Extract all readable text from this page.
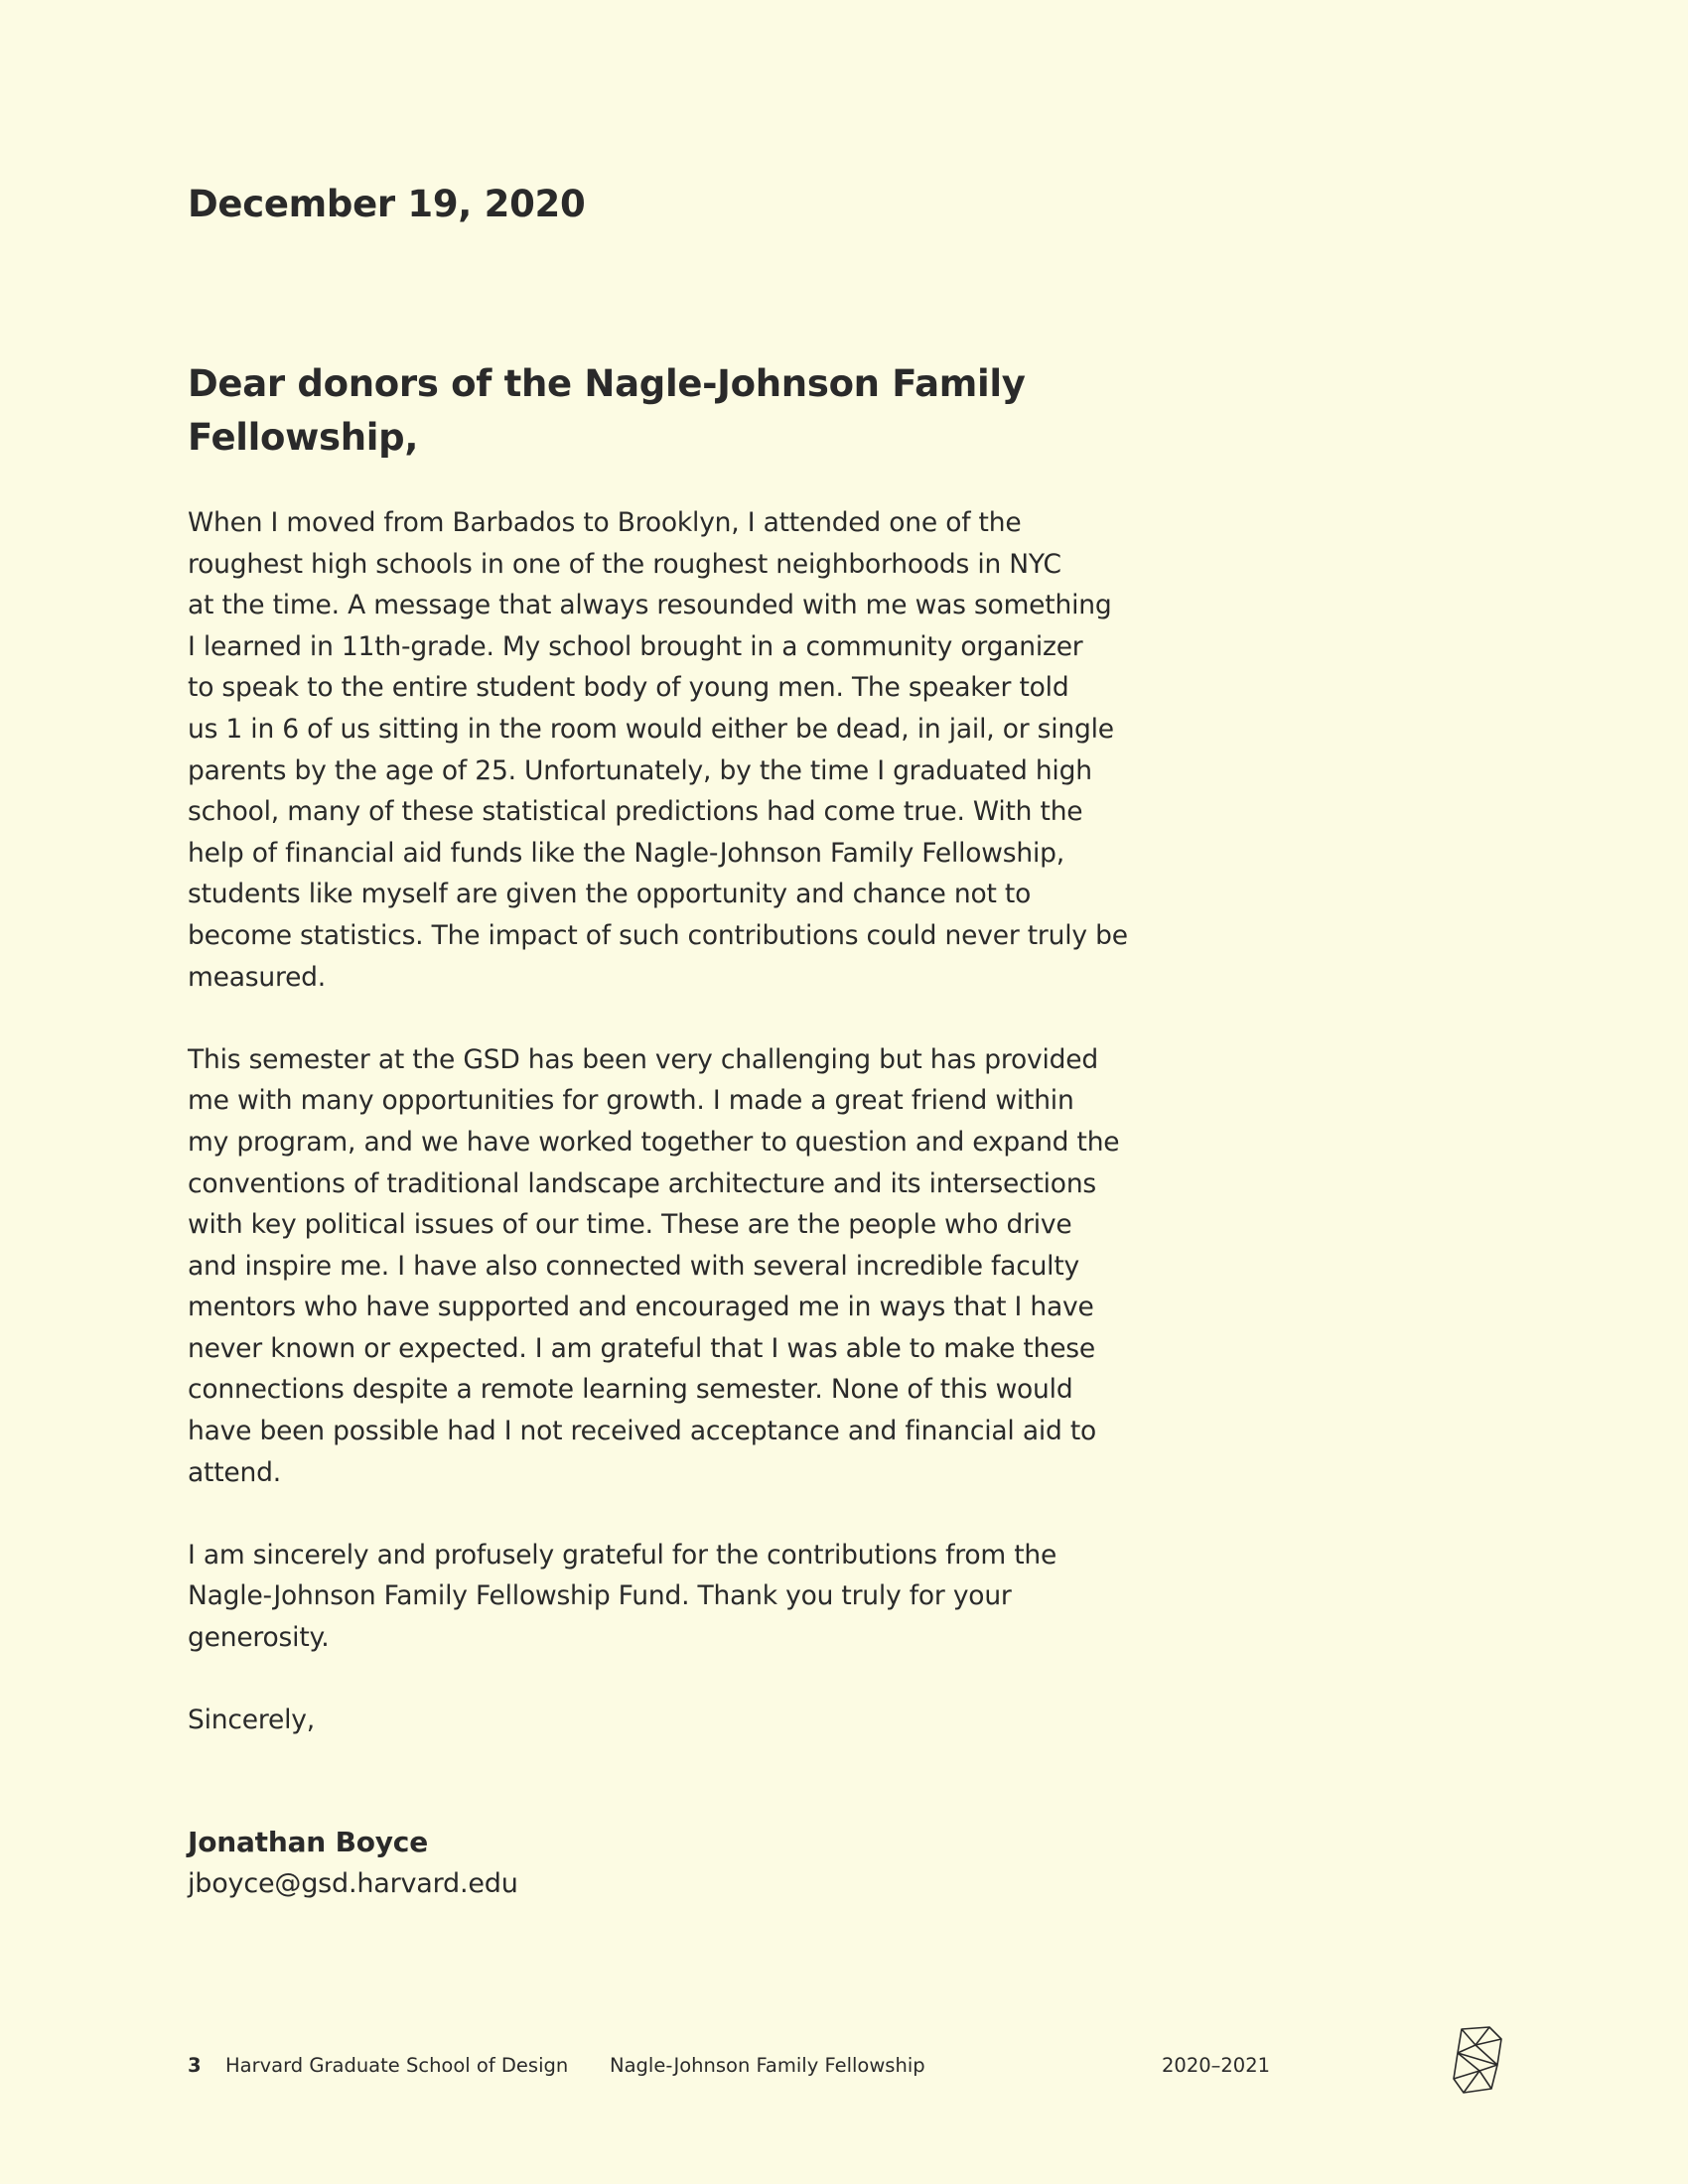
December 19, 2020
Dear donors of the Nagle-Johnson Family
Fellowship,

When I moved from Barbados to Brooklyn, I attended one of the
roughest high schools in one of the roughest neighborhoods in NYC
at the time. A message that always resounded with me was something
I learned in 11th-grade. My school brought in a community organizer
to speak to the entire student body of young men. The speaker told
us 1 in 6 of us sitting in the room would either be dead, in jail, or single
parents by the age of 25. Unfortunately, by the time I graduated high
school, many of these statistical predictions had come true. With the
help of financial aid funds like the Nagle-Johnson Family Fellowship,
students like myself are given the opportunity and chance not to
become statistics. The impact of such contributions could never truly be
measured.

This semester at the GSD has been very challenging but has provided
me with many opportunities for growth. I made a great friend within
my program, and we have worked together to question and expand the
conventions of traditional landscape architecture and its intersections
with key political issues of our time. These are the people who drive
and inspire me. I have also connected with several incredible faculty
mentors who have supported and encouraged me in ways that I have
never known or expected. I am grateful that I was able to make these
connections despite a remote learning semester. None of this would
have been possible had I not received acceptance and financial aid to
attend.

I am sincerely and profusely grateful for the contributions from the
Nagle-Johnson Family Fellowship Fund. Thank you truly for your
generosity.

Sincerely,

Jonathan Boyce

jboyce@gsd.harvard.edu

3 Harvard Graduate School of Design Nagle-Johnson Family Fellowship	2020–2021
